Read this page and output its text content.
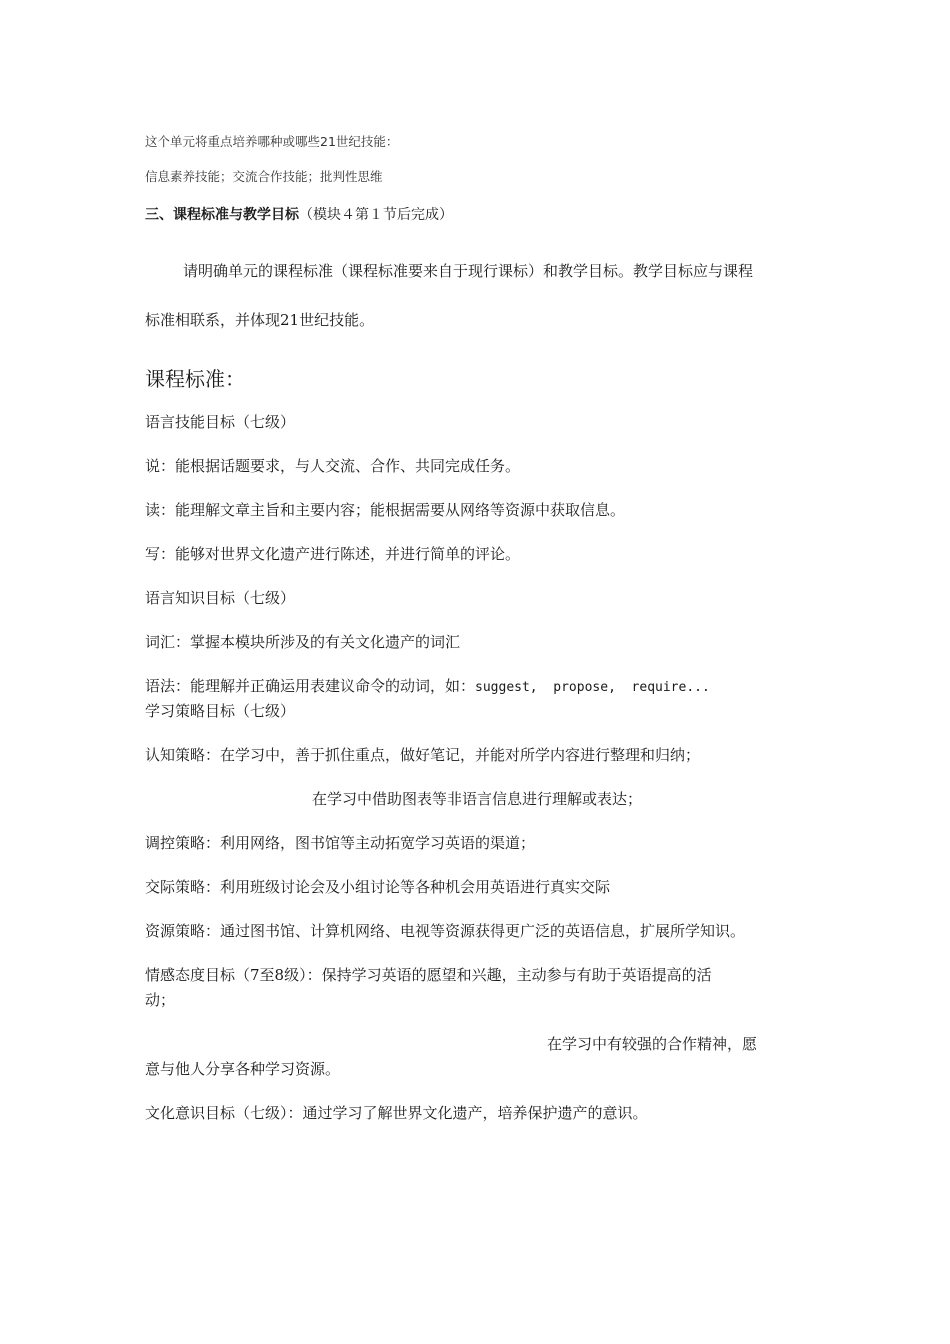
这个单元将重点培养哪种或哪些21世纪技能：
信息素养技能；交流合作技能；批判性思维
三、课程标准与教学目标（模块４第１节后完成）
请明确单元的课程标准（课程标准要来自于现行课标）和教学目标。教学目标应与课程
标准相联系，并体现21世纪技能。
课程标准：
语言技能目标（七级）
说：能根据话题要求，与人交流、合作、共同完成任务。
读：能理解文章主旨和主要内容；能根据需要从网络等资源中获取信息。
写：能够对世界文化遗产进行陈述，并进行简单的评论。
语言知识目标（七级）
词汇：掌握本模块所涉及的有关文化遗产的词汇
语法：能理解并正确运用表建议命令的动词，如：suggest,  propose,  require...
学习策略目标（七级）
认知策略：在学习中，善于抓住重点，做好笔记，并能对所学内容进行整理和归纳；
在学习中借助图表等非语言信息进行理解或表达；
调控策略：利用网络，图书馆等主动拓宽学习英语的渠道；
交际策略：利用班级讨论会及小组讨论等各种机会用英语进行真实交际
资源策略：通过图书馆、计算机网络、电视等资源获得更广泛的英语信息，扩展所学知识。
情感态度目标（7至8级）：保持学习英语的愿望和兴趣，主动参与有助于英语提高的活
动；
在学习中有较强的合作精神，愿
意与他人分享各种学习资源。
文化意识目标（七级）：通过学习了解世界文化遗产，培养保护遗产的意识。
